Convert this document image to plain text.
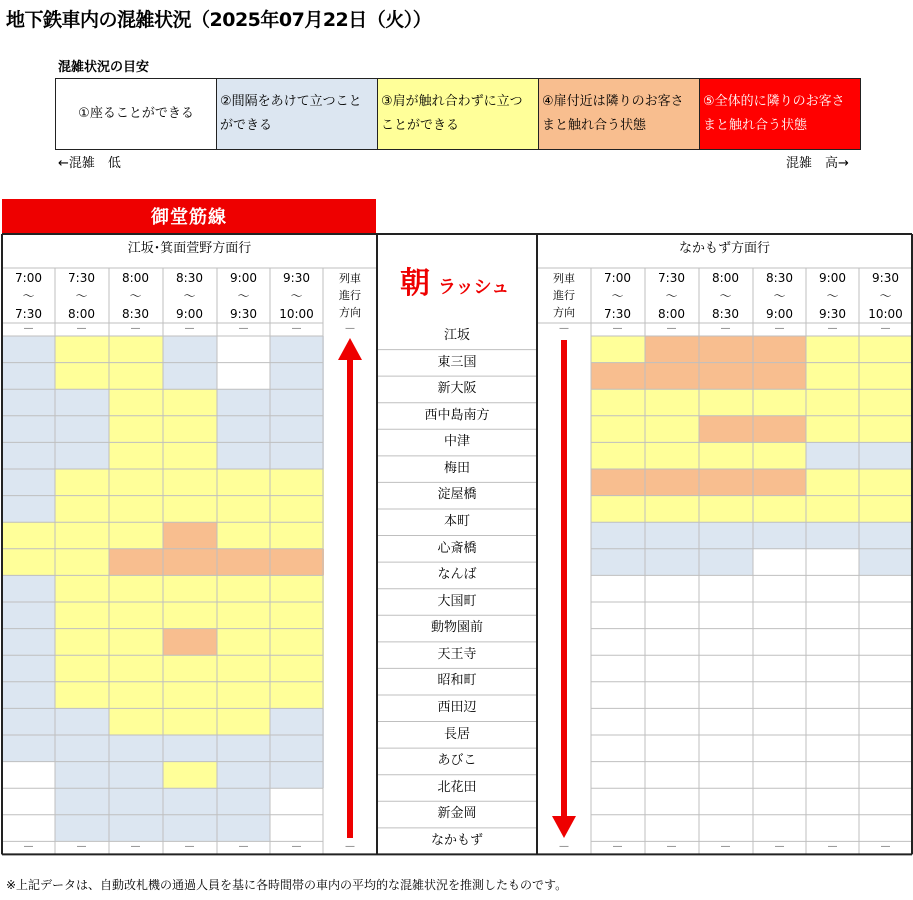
地下鉄車内の混雑状況（2025年07月22日（火））
混雑状況の目安
①座ることができる
②間隔をあけて立つことができる
③肩が触れ合わずに立つことができる
④扉付近は隣りのお客さまと触れ合う状態
⑤全体的に隣りのお客さまと触れ合う状態
←混雑　低	混雑　高→
江坂･箕面萱野方面行	なかもず方面行
7:00
～
7:30
7:30
～
8:00
8:00
～
8:30
8:30
～
9:00
9:00
～
9:30
9:30
～
10:00
7:00
～
7:30
7:30
～
8:00
8:00
～
8:30
8:30
～
9:00
9:00
～
9:30
9:30
～
10:00
列車
進行
方向
列車
進行
方向
—	—	—	—	—	—	—	—	—	—	—	—	—	—
—	—	—	—	—	—	—	—	—	—	—	—	—	—
江坂
東三国
新大阪
西中島南方
中津
梅田
淀屋橋
本町
心斎橋
なんば
大国町
動物園前
天王寺
昭和町
西田辺
長居
あびこ
北花田
新金岡
なかもず
御堂筋線
朝ラッシュ
※上記データは、自動改札機の通過人員を基に各時間帯の車内の平均的な混雑状況を推測したものです。
